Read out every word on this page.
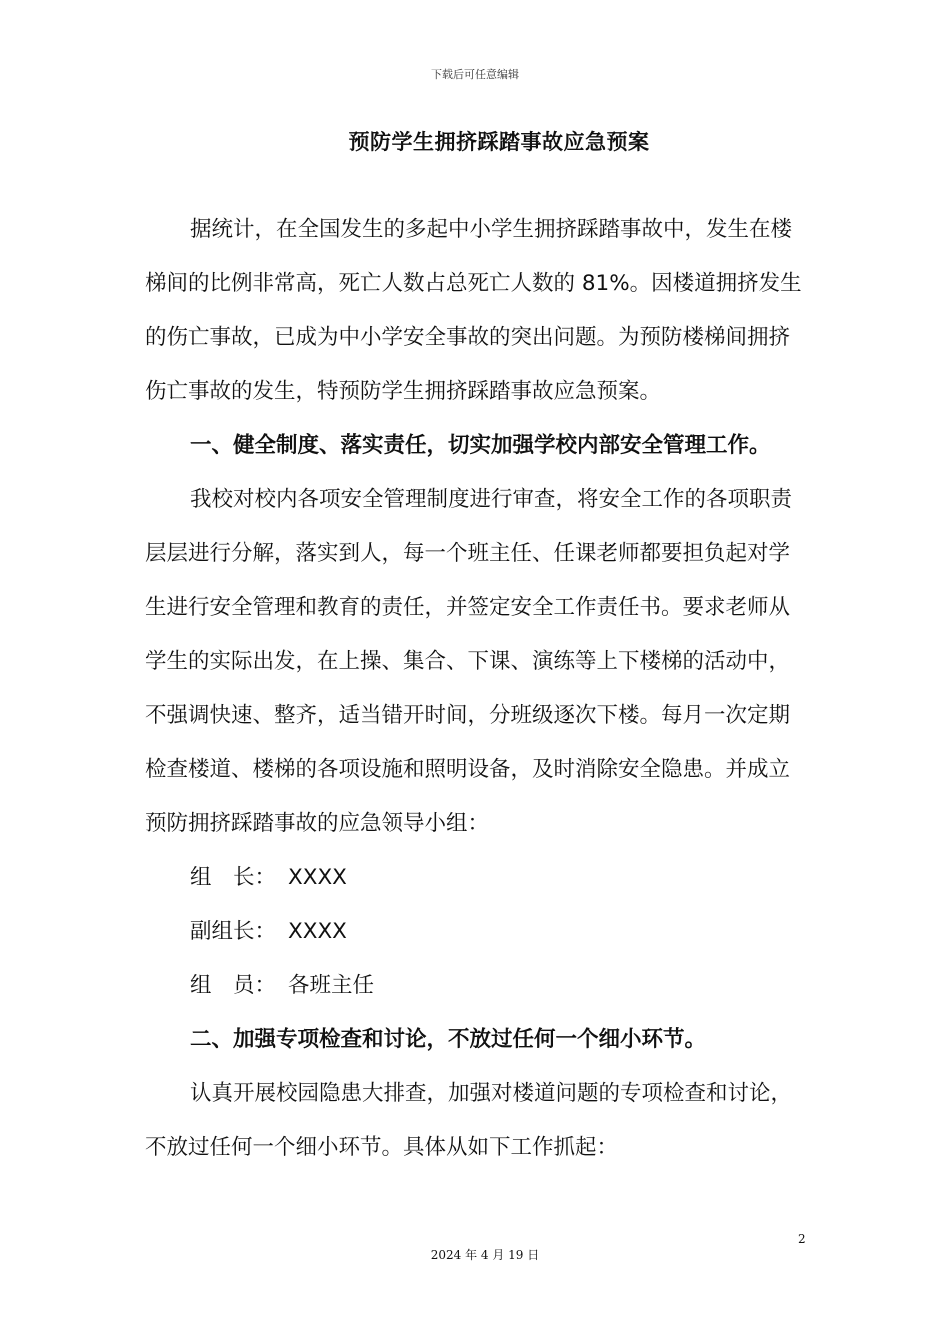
下载后可任意编辑
预防学生拥挤踩踏事故应急预案

据统计，在全国发生的多起中小学生拥挤踩踏事故中，发生在楼梯间的比例非常高，死亡人数占总死亡人数的 81%。因楼道拥挤发生的伤亡事故，已成为中小学安全事故的突出问题。为预防楼梯间拥挤伤亡事故的发生，特预防学生拥挤踩踏事故应急预案。

一、健全制度、落实责任，切实加强学校内部安全管理工作。

我校对校内各项安全管理制度进行审查，将安全工作的各项职责层层进行分解，落实到人，每一个班主任、任课老师都要担负起对学生进行安全管理和教育的责任，并签定安全工作责任书。要求老师从学生的实际出发，在上操、集合、下课、演练等上下楼梯的活动中，不强调快速、整齐，适当错开时间，分班级逐次下楼。每月一次定期检查楼道、楼梯的各项设施和照明设备，及时消除安全隐患。并成立预防拥挤踩踏事故的应急领导小组：

组　长： XXXX
副组长： XXXX
组　员： 各班主任

二、加强专项检查和讨论，不放过任何一个细小环节。

认真开展校园隐患大排查，加强对楼道问题的专项检查和讨论，不放过任何一个细小环节。具体从如下工作抓起：

2
2024 年 4 月 19 日
